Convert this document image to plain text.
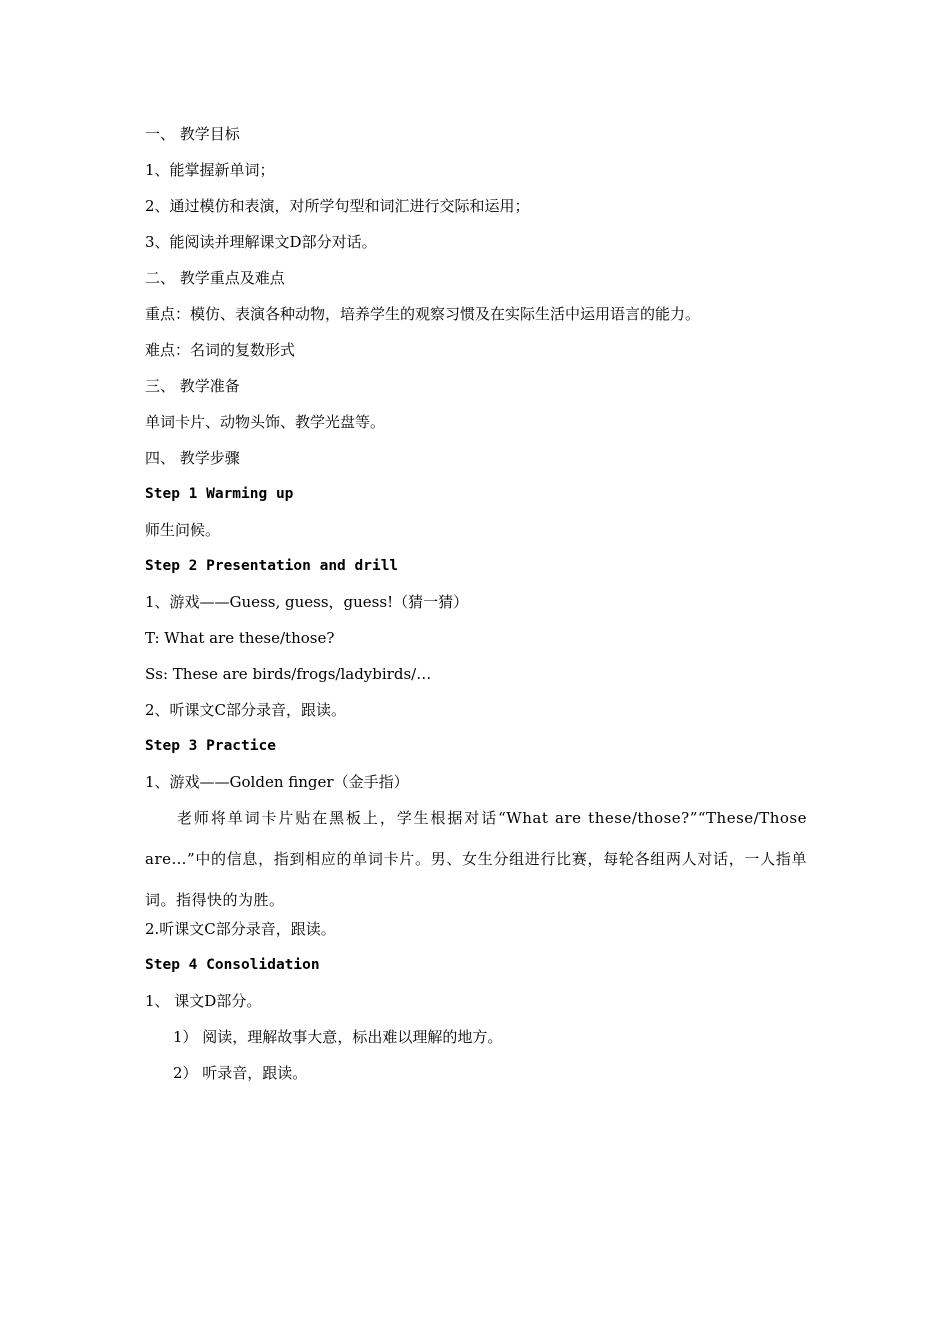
一、 教学目标
1、能掌握新单词；
2、通过模仿和表演，对所学句型和词汇进行交际和运用；
3、能阅读并理解课文D部分对话。
二、 教学重点及难点
重点：模仿、表演各种动物，培养学生的观察习惯及在实际生活中运用语言的能力。
难点：名词的复数形式
三、 教学准备
单词卡片、动物头饰、教学光盘等。
四、 教学步骤
Step 1 Warming up
师生问候。
Step 2 Presentation and drill
1、游戏——Guess, guess，guess!（猜一猜）
T: What are these/those?
Ss: These are birds/frogs/ladybirds/…
2、听课文C部分录音，跟读。
Step 3 Practice
1、游戏——Golden finger（金手指）

老师将单词卡片贴在黑板上，学生根据对话“What are these/those?”“These/Those are…”中的信息，指到相应的单词卡片。男、女生分组进行比赛，每轮各组两人对话，一人指单词。指得快的为胜。

2.听课文C部分录音，跟读。
Step 4 Consolidation
1、 课文D部分。
1） 阅读，理解故事大意，标出难以理解的地方。
2） 听录音，跟读。
